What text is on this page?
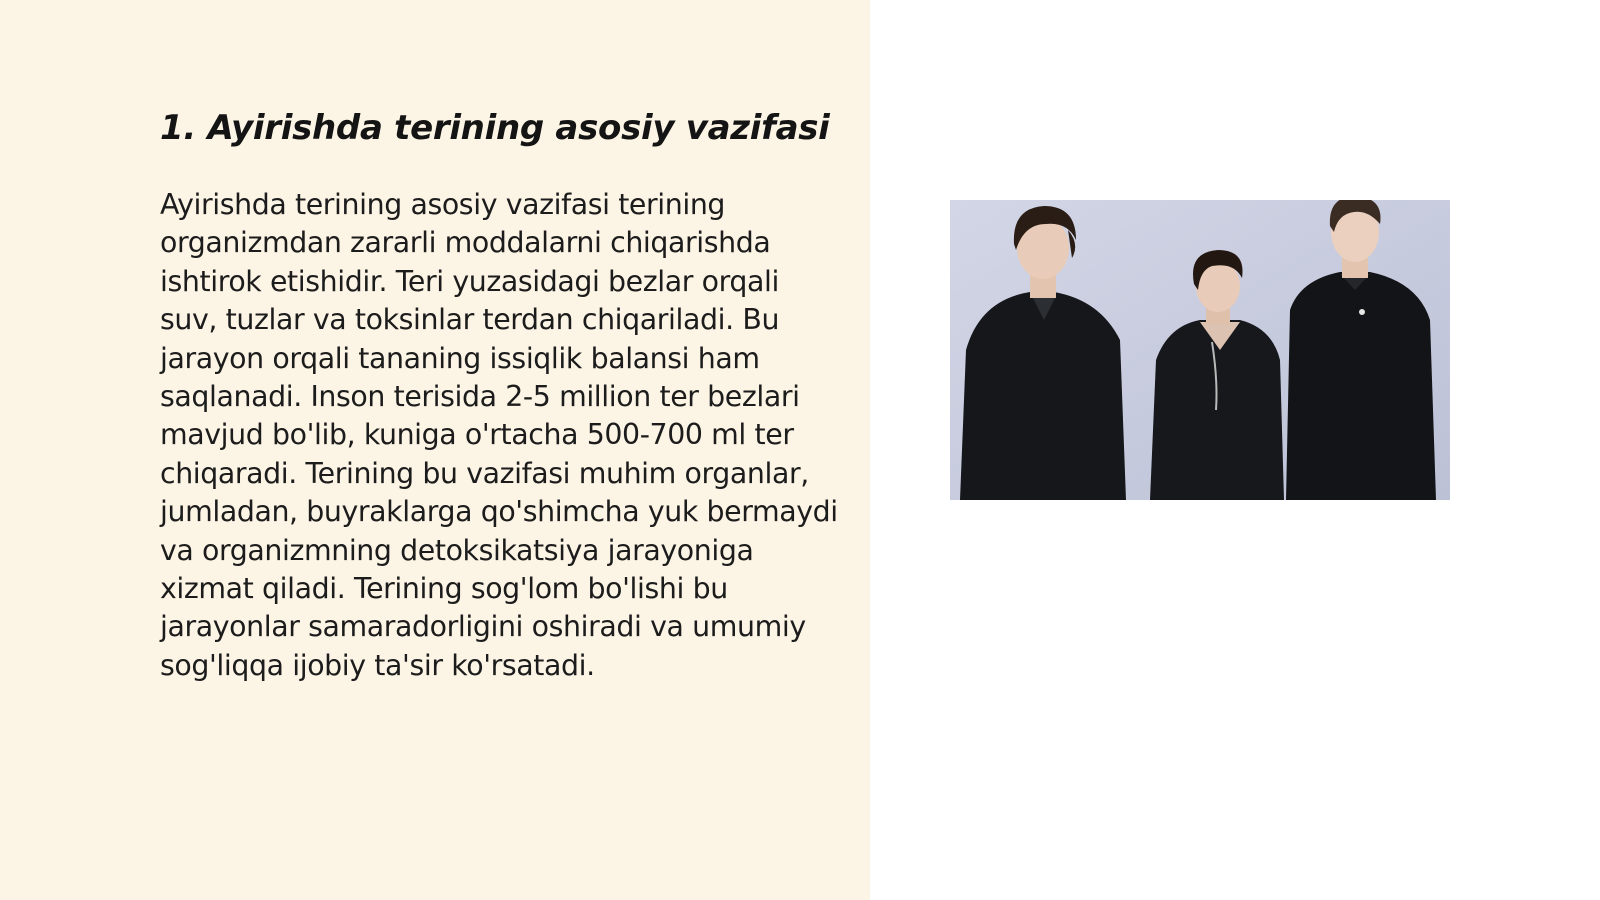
1. Ayirishda terining asosiy vazifasi

Ayirishda terining asosiy vazifasi terining organizmdan zararli moddalarni chiqarishda ishtirok etishidir. Teri yuzasidagi bezlar orqali suv, tuzlar va toksinlar terdan chiqariladi. Bu jarayon orqali tananing issiqlik balansi ham saqlanadi. Inson terisida 2-5 million ter bezlari mavjud bo'lib, kuniga o'rtacha 500-700 ml ter chiqaradi. Terining bu vazifasi muhim organlar, jumladan, buyraklarga qo'shimcha yuk bermaydi va organizmning detoksikatsiya jarayoniga xizmat qiladi. Terining sog'lom bo'lishi bu jarayonlar samaradorligini oshiradi va umumiy sog'liqqa ijobiy ta'sir ko'rsatadi.
